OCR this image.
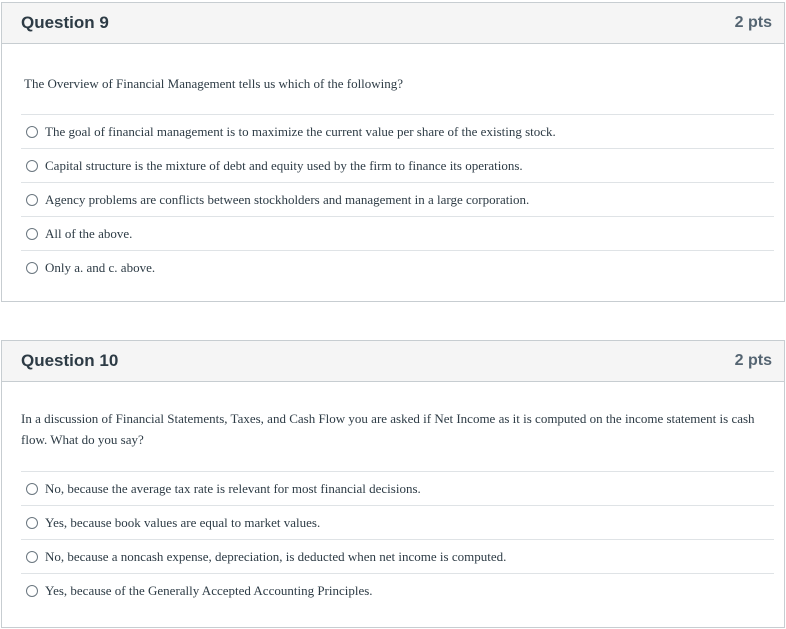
Question 9	2 pts
The Overview of Financial Management tells us which of the following?
The goal of financial management is to maximize the current value per share of the existing stock.
Capital structure is the mixture of debt and equity used by the firm to finance its operations.
Agency problems are conflicts between stockholders and management in a large corporation.
All of the above.
Only a. and c. above.
Question 10	2 pts
In a discussion of Financial Statements, Taxes, and Cash Flow you are asked if Net Income as it is computed on the income statement is cash flow. What do you say?
No, because the average tax rate is relevant for most financial decisions.
Yes, because book values are equal to market values.
No, because a noncash expense, depreciation, is deducted when net income is computed.
Yes, because of the Generally Accepted Accounting Principles.
